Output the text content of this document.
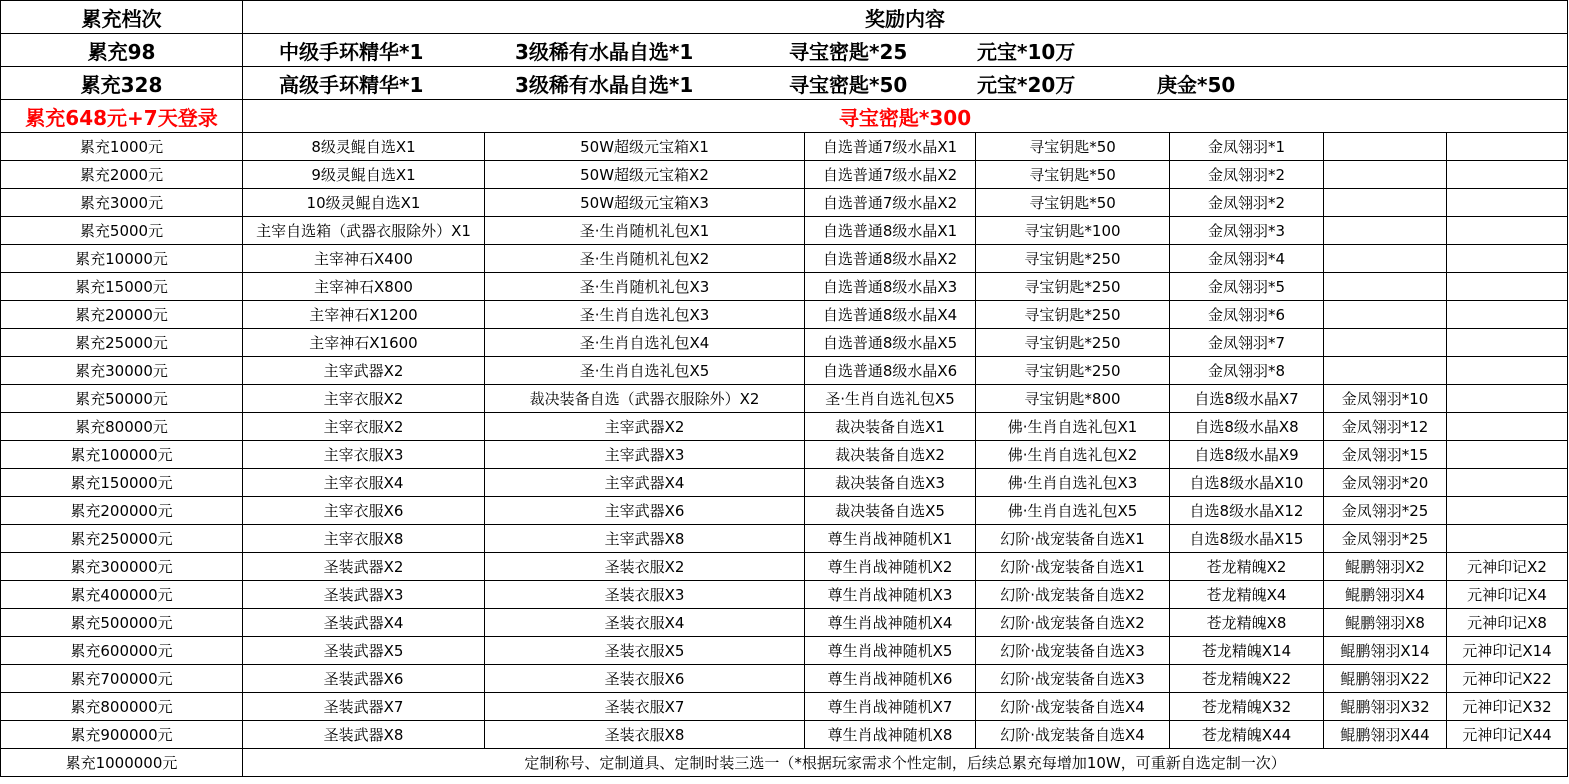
累充档次	奖励内容						
累充98	中级手环精华*1 3级稀有水晶自选*1 寻宝密匙*25 元宝*10万						
累充328	高级手环精华*1 3级稀有水晶自选*1 寻宝密匙*50 元宝*20万 庚金*50						
累充648元+7天登录	寻宝密匙*300						
累充1000元	8级灵鲲自选X1	50W超级元宝箱X1	自选普通7级水晶X1	寻宝钥匙*50	金凤翎羽*1		
累充2000元	9级灵鲲自选X1	50W超级元宝箱X2	自选普通7级水晶X2	寻宝钥匙*50	金凤翎羽*2		
累充3000元	10级灵鲲自选X1	50W超级元宝箱X3	自选普通7级水晶X2	寻宝钥匙*50	金凤翎羽*2		
累充5000元	主宰自选箱（武器衣服除外）X1	圣·生肖随机礼包X1	自选普通8级水晶X1	寻宝钥匙*100	金凤翎羽*3		
累充10000元	主宰神石X400	圣·生肖随机礼包X2	自选普通8级水晶X2	寻宝钥匙*250	金凤翎羽*4		
累充15000元	主宰神石X800	圣·生肖随机礼包X3	自选普通8级水晶X3	寻宝钥匙*250	金凤翎羽*5		
累充20000元	主宰神石X1200	圣·生肖自选礼包X3	自选普通8级水晶X4	寻宝钥匙*250	金凤翎羽*6		
累充25000元	主宰神石X1600	圣·生肖自选礼包X4	自选普通8级水晶X5	寻宝钥匙*250	金凤翎羽*7		
累充30000元	主宰武器X2	圣·生肖自选礼包X5	自选普通8级水晶X6	寻宝钥匙*250	金凤翎羽*8		
累充50000元	主宰衣服X2	裁决装备自选（武器衣服除外）X2	圣·生肖自选礼包X5	寻宝钥匙*800	自选8级水晶X7	金凤翎羽*10	
累充80000元	主宰衣服X2	主宰武器X2	裁决装备自选X1	佛·生肖自选礼包X1	自选8级水晶X8	金凤翎羽*12	
累充100000元	主宰衣服X3	主宰武器X3	裁决装备自选X2	佛·生肖自选礼包X2	自选8级水晶X9	金凤翎羽*15	
累充150000元	主宰衣服X4	主宰武器X4	裁决装备自选X3	佛·生肖自选礼包X3	自选8级水晶X10	金凤翎羽*20	
累充200000元	主宰衣服X6	主宰武器X6	裁决装备自选X5	佛·生肖自选礼包X5	自选8级水晶X12	金凤翎羽*25	
累充250000元	主宰衣服X8	主宰武器X8	尊生肖战神随机X1	幻阶·战宠装备自选X1	自选8级水晶X15	金凤翎羽*25	
累充300000元	圣装武器X2	圣装衣服X2	尊生肖战神随机X2	幻阶·战宠装备自选X1	苍龙精魄X2	鲲鹏翎羽X2	元神印记X2
累充400000元	圣装武器X3	圣装衣服X3	尊生肖战神随机X3	幻阶·战宠装备自选X2	苍龙精魄X4	鲲鹏翎羽X4	元神印记X4
累充500000元	圣装武器X4	圣装衣服X4	尊生肖战神随机X4	幻阶·战宠装备自选X2	苍龙精魄X8	鲲鹏翎羽X8	元神印记X8
累充600000元	圣装武器X5	圣装衣服X5	尊生肖战神随机X5	幻阶·战宠装备自选X3	苍龙精魄X14	鲲鹏翎羽X14	元神印记X14
累充700000元	圣装武器X6	圣装衣服X6	尊生肖战神随机X6	幻阶·战宠装备自选X3	苍龙精魄X22	鲲鹏翎羽X22	元神印记X22
累充800000元	圣装武器X7	圣装衣服X7	尊生肖战神随机X7	幻阶·战宠装备自选X4	苍龙精魄X32	鲲鹏翎羽X32	元神印记X32
累充900000元	圣装武器X8	圣装衣服X8	尊生肖战神随机X8	幻阶·战宠装备自选X4	苍龙精魄X44	鲲鹏翎羽X44	元神印记X44
累充1000000元	定制称号、定制道具、定制时装三选一（*根据玩家需求个性定制，后续总累充每增加10W，可重新自选定制一次）						
